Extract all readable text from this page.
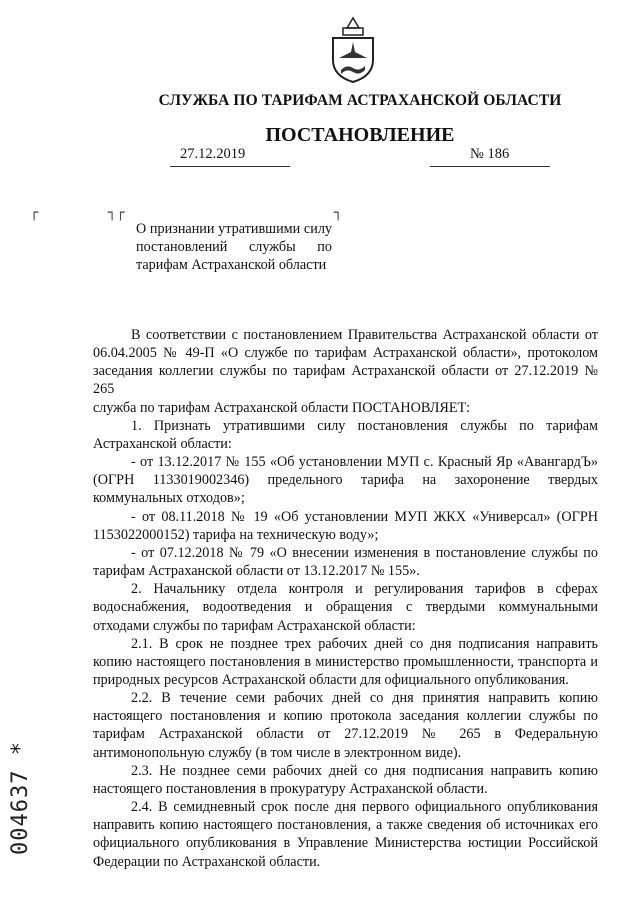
СЛУЖБА ПО ТАРИФАМ АСТРАХАНСКОЙ ОБЛАСТИ
ПОСТАНОВЛЕНИЕ
27.12.2019	№ 186
┌	┐┌	┐
О признании утратившими силу постановлений службы по тарифам Астраханской области

В соответствии с постановлением Правительства Астраханской области от 06.04.2005 № 49-П «О службе по тарифам Астраханской области», протоколом заседания коллегии службы по тарифам Астраханской области от 27.12.2019 № 265

служба по тарифам Астраханской области ПОСТАНОВЛЯЕТ:

1. Признать утратившими силу постановления службы по тарифам Астраханской области:

- от 13.12.2017 № 155 «Об установлении МУП с. Красный Яр «АвангардЪ» (ОГРН 1133019002346) предельного тарифа на захоронение твердых коммунальных отходов»;

- от 08.11.2018 № 19 «Об установлении МУП ЖКХ «Универсал» (ОГРН 1153022000152) тарифа на техническую воду»;

- от 07.12.2018 № 79 «О внесении изменения в постановление службы по тарифам Астраханской области от 13.12.2017 № 155».

2. Начальнику отдела контроля и регулирования тарифов в сферах водоснабжения, водоотведения и обращения с твердыми коммунальными отходами службы по тарифам Астраханской области:

2.1. В срок не позднее трех рабочих дней со дня подписания направить копию настоящего постановления в министерство промышленности, транспорта и природных ресурсов Астраханской области для официального опубликования.

2.2. В течение семи рабочих дней со дня принятия направить копию настоящего постановления и копию протокола заседания коллегии службы по тарифам Астраханской области от 27.12.2019 № 265 в Федеральную антимонопольную службу (в том числе в электронном виде).

2.3. Не позднее семи рабочих дней со дня подписания направить копию настоящего постановления в прокуратуру Астраханской области.

2.4. В семидневный срок после дня первого официального опубликования направить копию настоящего постановления, а также сведения об источниках его официального опубликования в Управление Министерства юстиции Российской Федерации по Астраханской области.

004637 *
